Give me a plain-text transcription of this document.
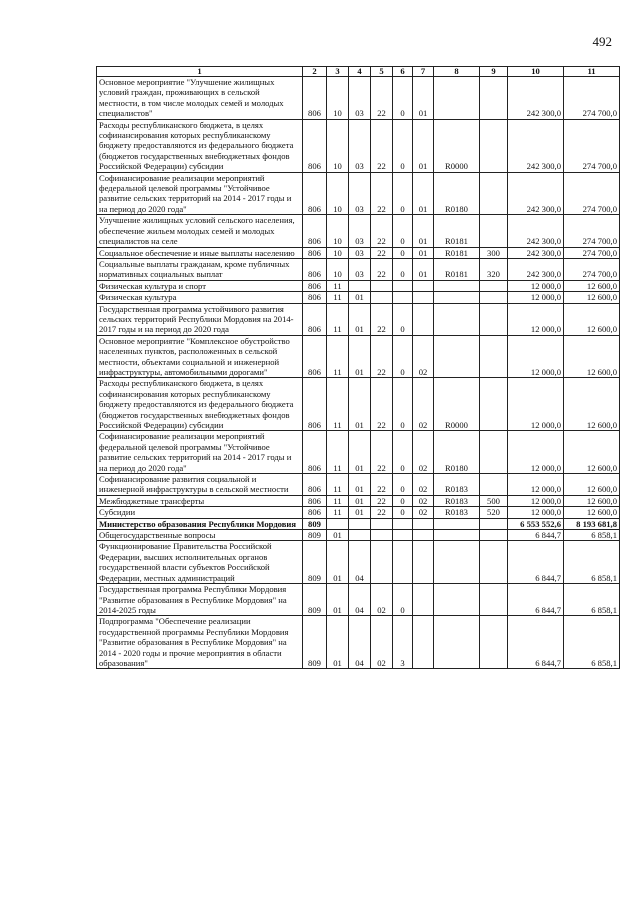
492
1	2	3	4	5	6	7	8	9	10	11
Основное мероприятие "Улучшение жилищных условий граждан, проживающих в сельской местности, в том числе молодых семей и молодых специалистов"	806	10	03	22	0	01			242 300,0	274 700,0
Расходы республиканского бюджета, в целях софинансирования которых республиканскому бюджету предоставляются из федерального бюджета (бюджетов государственных внебюджетных фондов Российской Федерации) субсидии	806	10	03	22	0	01	R0000		242 300,0	274 700,0
Софинансирование реализации мероприятий федеральной целевой программы "Устойчивое развитие сельских территорий на 2014 - 2017 годы и на период до 2020 года"	806	10	03	22	0	01	R0180		242 300,0	274 700,0
Улучшение жилищных условий сельского населения, обеспечение жильем молодых семей и молодых специалистов на селе	806	10	03	22	0	01	R0181		242 300,0	274 700,0
Социальное обеспечение и иные выплаты населению	806	10	03	22	0	01	R0181	300	242 300,0	274 700,0
Социальные выплаты гражданам, кроме публичных нормативных социальных выплат	806	10	03	22	0	01	R0181	320	242 300,0	274 700,0
Физическая культура и спорт	806	11							12 000,0	12 600,0
Физическая культура	806	11	01						12 000,0	12 600,0
Государственная программа устойчивого развития сельских территорий Республики Мордовия на 2014-2017 годы и на период до 2020 года	806	11	01	22	0				12 000,0	12 600,0
Основное мероприятие "Комплексное обустройство населенных пунктов, расположенных в сельской местности, объектами социальной и инженерной инфраструктуры, автомобильными дорогами"	806	11	01	22	0	02			12 000,0	12 600,0
Расходы республиканского бюджета, в целях софинансирования которых республиканскому бюджету предоставляются из федерального бюджета (бюджетов государственных внебюджетных фондов Российской Федерации) субсидии	806	11	01	22	0	02	R0000		12 000,0	12 600,0
Софинансирование реализации мероприятий федеральной целевой программы "Устойчивое развитие сельских территорий на 2014 - 2017 годы и на период до 2020 года"	806	11	01	22	0	02	R0180		12 000,0	12 600,0
Софинансирование развития социальной и инженерной инфраструктуры в сельской местности	806	11	01	22	0	02	R0183		12 000,0	12 600,0
Межбюджетные трансферты	806	11	01	22	0	02	R0183	500	12 000,0	12 600,0
Субсидии	806	11	01	22	0	02	R0183	520	12 000,0	12 600,0
Министерство образования Республики Мордовия	809								6 553 552,6	8 193 681,8
Общегосударственные вопросы	809	01							6 844,7	6 858,1
Функционирование Правительства Российской Федерации, высших исполнительных органов государственной власти субъектов Российской Федерации, местных администраций	809	01	04						6 844,7	6 858,1
Государственная программа Республики Мордовия "Развитие образования в Республике Мордовия" на 2014-2025 годы	809	01	04	02	0				6 844,7	6 858,1
Подпрограмма "Обеспечение реализации государственной программы Республики Мордовия "Развитие образования в Республике Мордовия" на 2014 - 2020 годы и прочие мероприятия в области образования"	809	01	04	02	3				6 844,7	6 858,1
